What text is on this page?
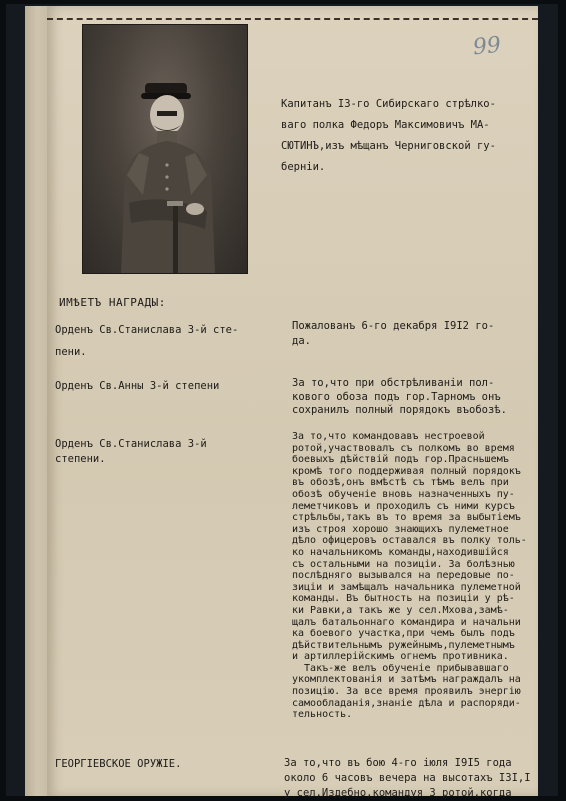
99

Капитанъ I3-го Сибирскаго стрѣлко-
ваго полка Федоръ Максимовичъ МА-
СЮТИНЪ,изъ мѣщанъ Черниговской гу-
берніи.

ИМѢЕТЪ НАГРАДЫ:

Орденъ Св.Станислава 3-й сте-
пени.

Пожалованъ 6-го декабря I9I2 го-
да.

Орденъ Св.Анны 3-й степени	За то,что при обстрѣливаніи пол-
кового обоза подъ гор.Тарномъ онъ
сохранилъ полный порядокъ въобозѣ.

Орденъ Св.Станислава 3-й
степени.

За то,что командовавъ нестроевой
ротой,участвовалъ съ полкомъ во время
боевыхъ дѣйствій подъ гор.Прасньшемъ
кромѣ того поддерживая полный порядокъ
въ обозѣ,онъ вмѣстѣ съ тѣмъ велъ при
обозѣ обученіе вновь назначенныхъ пу-
леметчиковъ и проходилъ съ ними курсъ
стрѣльбы,такъ въ то время за выбытіемъ
изъ строя хорошо знающихъ пулеметное
дѣло офицеровъ оставался въ полку толь-
ко начальникомъ команды,находившійся
съ остальными на позиціи. За болѣзнью
послѣдняго вызывался на передовые по-
зиціи и замѣщалъ начальника пулеметной
команды. Въ бытность на позиціи у рѣ-
ки Равки,а такъ же у сел.Мхова,замѣ-
щалъ батальоннаго командира и начальни
ка боевого участка,при чемъ былъ подъ
дѣйствительнымъ ружейнымъ,пулеметнымъ
и артиллерійскимъ огнемъ противника.
Такъ-же велъ обученіе прибывавшаго
укомплектованія и затѣмъ награждалъ на
позицію. За все время проявилъ энергію
самообладанія,знаніе дѣла и распоряди-
тельность.

ГЕОРГІЕВСКОЕ ОРУЖІЕ.	За то,что въ бою 4-го іюля I9I5 года
около 6 часовъ вечера на высотахъ I3I,I
у сел.Издебно,командуя 3 ротой,когда
